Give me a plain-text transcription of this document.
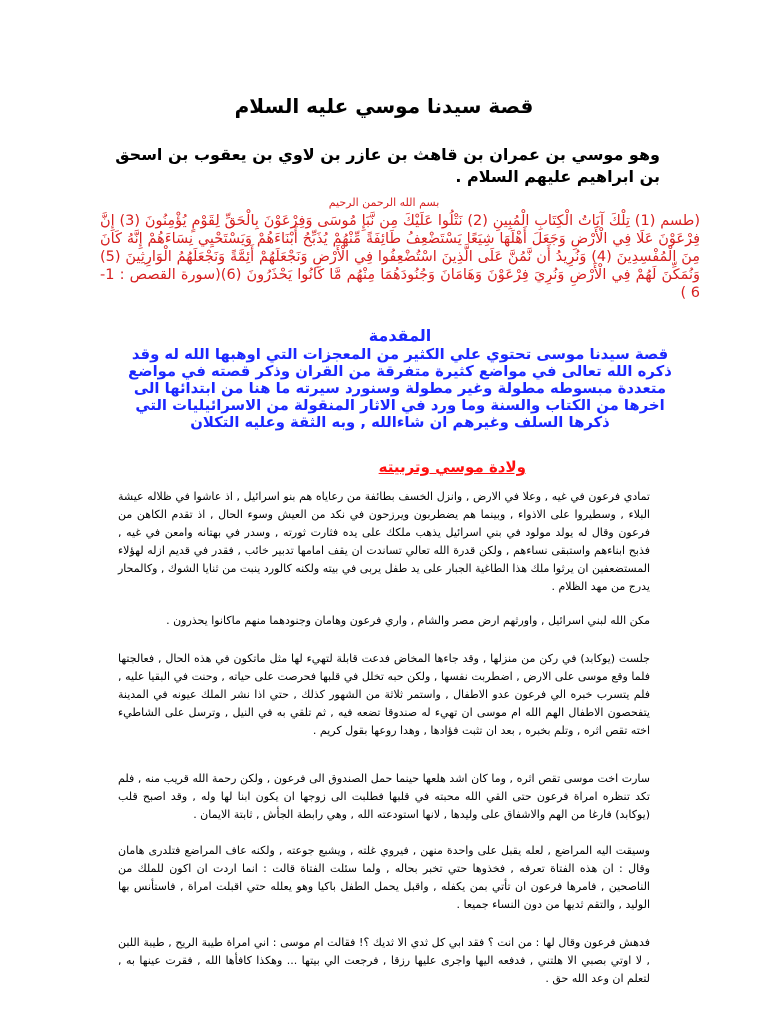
قصة سيدنا موسي عليه السلام
وهو موسي بن عمران بن قاهث بن عازر بن لاوي بن يعقوب بن اسحق بن ابراهيم عليهم السلام .
بسم الله الرحمن الرحيم
(طسم (1) تِلْكَ آيَاتُ الْكِتَابِ الْمُبِينِ (2) نَتْلُوا عَلَيْكَ مِن نَّبَإِ مُوسَى وَفِرْعَوْنَ بِالْحَقِّ لِقَوْمٍ يُؤْمِنُونَ (3) إِنَّ فِرْعَوْنَ عَلَا فِي الْأَرْضِ وَجَعَلَ أَهْلَهَا شِيَعًا يَسْتَضْعِفُ طَائِفَةً مِّنْهُمْ يُذَبِّحُ أَبْنَاءَهُمْ وَيَسْتَحْيِي نِسَاءَهُمْ إِنَّهُ كَانَ مِنَ الْمُفْسِدِينَ (4) وَنُرِيدُ أَن نَّمُنَّ عَلَى الَّذِينَ اسْتُضْعِفُوا فِي الْأَرْضِ وَنَجْعَلَهُمْ أَئِمَّةً وَنَجْعَلَهُمُ الْوَارِثِينَ (5) وَنُمَكِّنَ لَهُمْ فِي الْأَرْضِ وَنُرِيَ فِرْعَوْنَ وَهَامَانَ وَجُنُودَهُمَا مِنْهُم مَّا كَانُوا يَحْذَرُونَ (6)(سورة القصص : 1- 6 )
المقدمة
قصة سيدنا موسى تحتوي علي الكثير من المعجزات التي اوهبها الله له وقد ذكره الله تعالى في مواضع كثيرة متفرقة من القران وذكر قصته في مواضع متعددة مبسوطه مطولة وغير مطولة وسنورد سيرته ما هنا من ابتدائها الى اخرها من الكتاب والسنة وما ورد في الاثار المنقولة من الاسرائيليات التي ذكرها السلف وغيرهم ان شاءالله , وبه الثقة وعليه التكلان
ولادة موسي وتربيته
تمادي فرعون في غيه , وعلا في الارض , وانزل الخسف بطائفة من رعاياه هم بنو اسرائيل , اذ عاشوا في ظلاله عيشة البلاء , وسطيروا على الاذواء , وبينما هم يضطربون ويرزحون في نكد من العيش وسوء الحال , اذ تقدم الكاهن من فرعون وقال له يولد مولود في بني اسرائيل يذهب ملكك على يده فثارت ثورته , وسدر في بهتانه وامعن في غيه , فذبح ابناءهم واستبقى نساءهم , ولكن قدرة الله تعالي تساندت ان يقف امامها تدبير خائب , فقدر في قديم ازله لهؤلاء المستضعفين ان يرثوا ملك هذا الطاغية الجبار على يد طفل يربى في بيته ولكنه كالورد ينبت من ثنايا الشوك , وكالمحار يدرج من مهد الظلام .
مكن الله لبني اسرائيل , واورثهم ارض مصر والشام , واري فرعون وهامان وجنودهما منهم ماكانوا يحذرون .
جلست (يوكابد) في ركن من منزلها , وقد جاءها المخاض فدعت قابلة لتهيء لها مثل ماتكون في هذه الحال , فعالجتها فلما وقع موسى على الارض , اضطربت نفسها , ولكن حبه تخلل في قلبها فحرصت على حياته , وحنت في البقيا عليه , فلم يتسرب خبره الي فرعون عدو الاطفال , واستمر ثلاثة من الشهور كذلك , حتي اذا نشر الملك عيونه في المدينة يتفحصون الاطفال الهم الله ام موسى ان تهيء له صندوقا تضعه فيه , ثم تلقي به في النيل , وترسل على الشاطيء اخته تقص اثره , وتلم بخبره , بعد ان تثبت فؤادها , وهدا روعها بقول كريم .
سارت اخت موسى تقص اثره , وما كان اشد هلعها حينما حمل الصندوق الى فرعون , ولكن رحمة الله قريب منه , فلم تكد تنظره امراة فرعون حتى القي الله محبته في قلبها فطلبت الى زوجها ان يكون ابنا لها وله , وقد اصبح قلب (يوكابد) فارغا من الهم والاشفاق على وليدها , لانها استودعته الله , وهي رابطة الجأش , ثابتة الايمان .
وسيقت اليه المراضع , لعله يقبل على واحدة منهن , فيروي غلته , ويشبع جوعته , ولكنه عاف المراضع فتلدرى هامان وقال : ان هذه الفتاة تعرفه , فخذوها حتي تخبر بحاله , ولما سئلت الفتاة قالت : انما اردت ان اكون للملك من الناصحين , فامرها فرعون ان تأتي بمن يكفله , واقبل يحمل الطفل باكيا وهو يعلله حتي اقبلت امراة , فاستأنس بها الوليد , والتقم ثديها من دون النساء جميعا .
فدهش فرعون وقال لها : من انت ؟ فقد ابي كل ثدي الا ثديك ؟! فقالت ام موسى : اني امراة طيبة الريح , طيبة اللبن , لا اوتي بصبي الا هلتني , فدفعه اليها واجرى عليها رزقا , فرجعت الي بيتها ... وهكذا كافأها الله , فقرت عينها به , لتعلم ان وعد الله حق .
